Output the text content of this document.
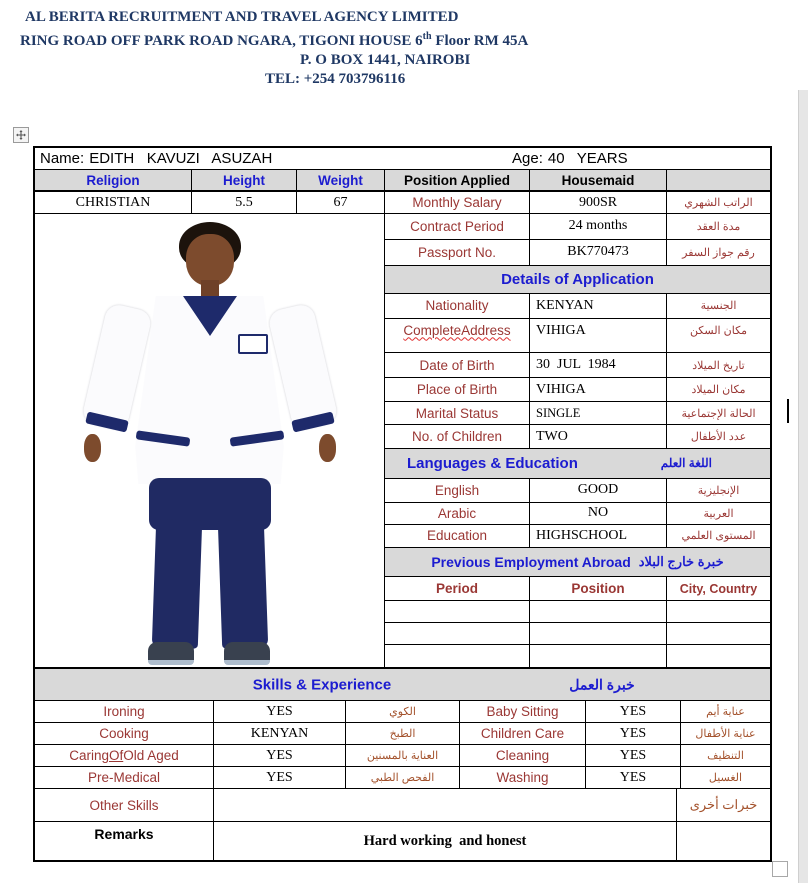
AL BERITA RECRUITMENT AND TRAVEL AGENCY LIMITED
RING ROAD OFF PARK ROAD NGARA, TIGONI HOUSE 6th Floor RM 45A
P. O BOX 1441, NAIROBI
TEL: +254 703796116
Name: EDITH   KAVUZI   ASUZAH	Age: 40   YEARS
Religion	Height	Weight	Position Applied	Housemaid
CHRISTIAN	5.5	67	Monthly Salary	900SR	الراتب الشهري
Contract Period	24 months	مدة العقد
Passport No.	BK770473	رقم جواز السفر
Details of Application
Nationality	KENYAN	الجنسية
CompleteAddress	VIHIGA	مكان السكن
Date of Birth	30  JUL  1984	تاريخ الميلاد
Place of Birth	VIHIGA	مكان الميلاد
Marital Status	SINGLE	الحالة الإجتماعية
No. of Children	TWO	عدد الأطفال
Languages & Education	اللغة العلم
English	GOOD	الإنجليزية
Arabic	NO	العربية
Education	HIGHSCHOOL	المستوى العلمي
Previous Employment Abroad خبرة خارج البلاد
Period	Position	City, Country
Skills & Experience	خبرة العمل
Ironing	YES	الكوي	Baby Sitting	YES	عناية أيم
Cooking	KENYAN	الطبخ	Children Care	YES	عناية الأطفال
Caring Of Old Aged	YES	العناية بالمسنين	Cleaning	YES	التنظيف
Pre-Medical	YES	الفحص الطبي	Washing	YES	الغسيل
Other Skills	خبرات أخرى
Remarks	Hard working  and honest
